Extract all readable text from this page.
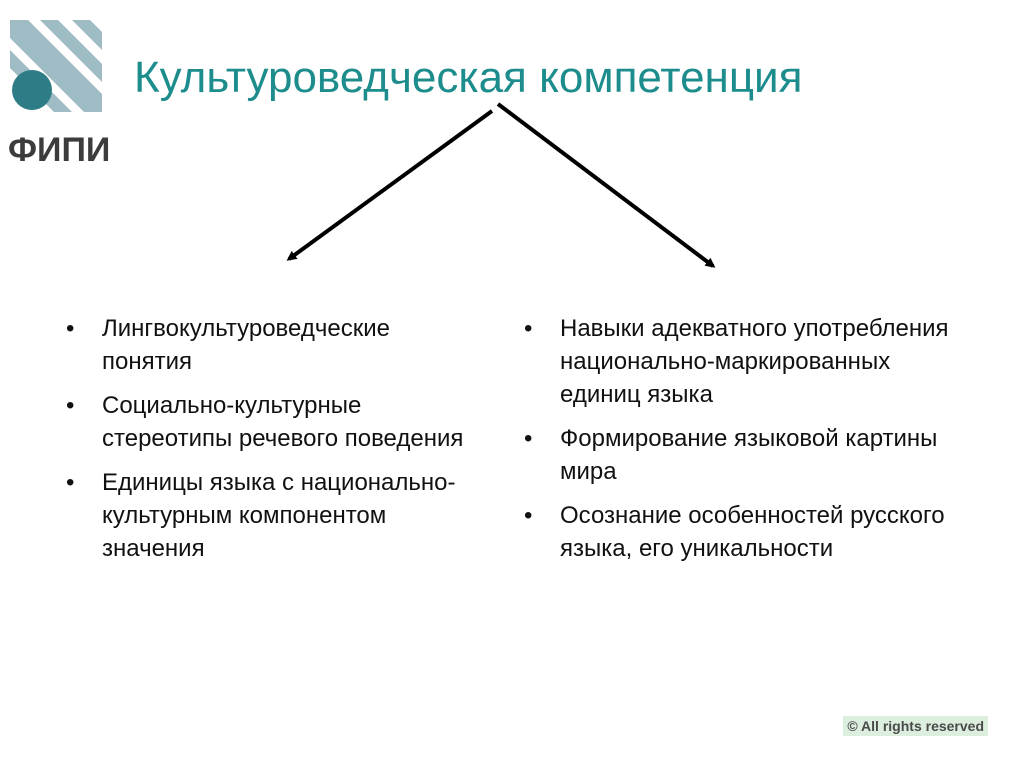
ФИПИ
Культуроведческая компетенция
• Лингвокультуроведческие понятия
• Социально-культурные стереотипы речевого поведения
• Единицы языка с национально-культурным компонентом значения
• Навыки адекватного употребления национально-маркированных единиц языка
• Формирование языковой картины мира
• Осознание особенностей русского языка, его уникальности
© All rights reserved
